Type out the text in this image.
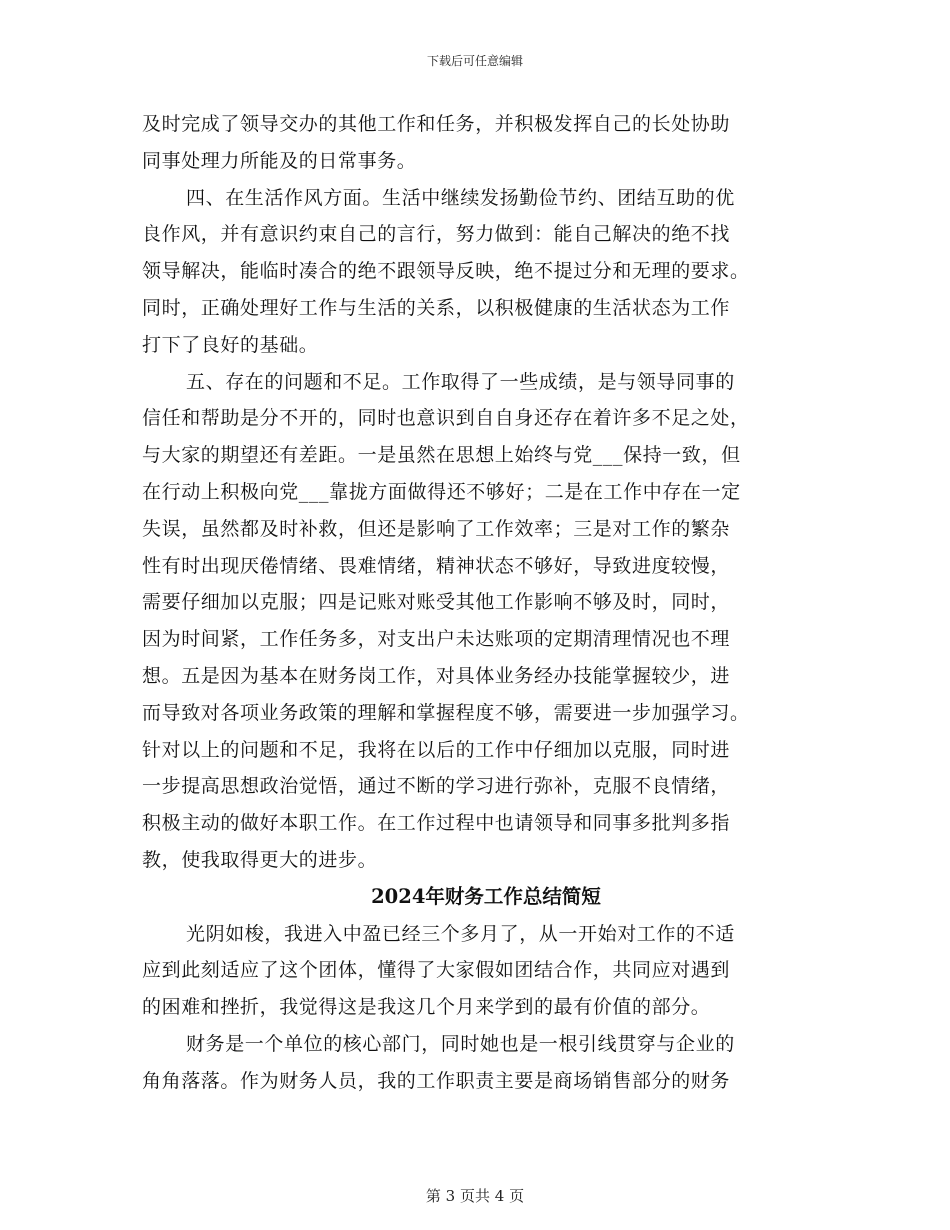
下载后可任意编辑
及时完成了领导交办的其他工作和任务，并积极发挥自己的长处协助
同事处理力所能及的日常事务。
四、在生活作风方面。生活中继续发扬勤俭节约、团结互助的优
良作风，并有意识约束自己的言行，努力做到：能自己解决的绝不找
领导解决，能临时凑合的绝不跟领导反映，绝不提过分和无理的要求。
同时，正确处理好工作与生活的关系，以积极健康的生活状态为工作
打下了良好的基础。
五、存在的问题和不足。工作取得了一些成绩，是与领导同事的
信任和帮助是分不开的，同时也意识到自自身还存在着许多不足之处，
与大家的期望还有差距。一是虽然在思想上始终与党___保持一致，但
在行动上积极向党___靠拢方面做得还不够好；二是在工作中存在一定
失误，虽然都及时补救，但还是影响了工作效率；三是对工作的繁杂
性有时出现厌倦情绪、畏难情绪，精神状态不够好，导致进度较慢，
需要仔细加以克服；四是记账对账受其他工作影响不够及时，同时，
因为时间紧，工作任务多，对支出户未达账项的定期清理情况也不理
想。五是因为基本在财务岗工作，对具体业务经办技能掌握较少，进
而导致对各项业务政策的理解和掌握程度不够，需要进一步加强学习。
针对以上的问题和不足，我将在以后的工作中仔细加以克服，同时进
一步提高思想政治觉悟，通过不断的学习进行弥补，克服不良情绪，
积极主动的做好本职工作。在工作过程中也请领导和同事多批判多指
教，使我取得更大的进步。
2024年财务工作总结简短
光阴如梭，我进入中盈已经三个多月了，从一开始对工作的不适
应到此刻适应了这个团体，懂得了大家假如团结合作，共同应对遇到
的困难和挫折，我觉得这是我这几个月来学到的最有价值的部分。
财务是一个单位的核心部门，同时她也是一根引线贯穿与企业的
角角落落。作为财务人员，我的工作职责主要是商场销售部分的财务
第 3 页共 4 页
